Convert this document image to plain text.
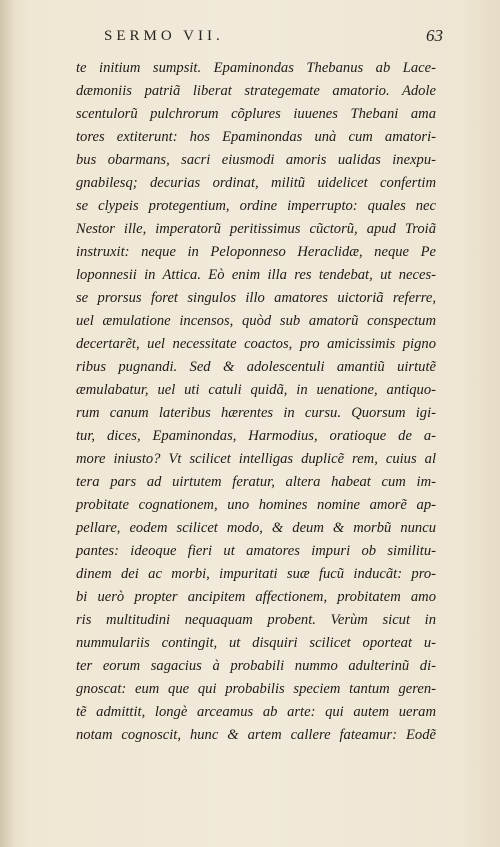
SERMO VII.	63
te initium sumpsit. Epaminondas Thebanus ab Lace-
dæmoniis patriã liberat strategemate amatorio. Adole
scentulorũ pulchrorum cõplures iuuenes Thebani ama
tores extiterunt: hos Epaminondas unà cum amatori-
bus obarmans, sacri eiusmodi amoris ualidas inexpu-
gnabilesq; decurias ordinat, militũ uidelicet confertim
se clypeis protegentium, ordine imperrupto: quales nec
Nestor ille, imperatorũ peritissimus cũctorũ, apud Troiã
instruxit: neque in Peloponneso Heraclidæ, neque Pe
loponnesii in Attica. Eò enim illa res tendebat, ut neces-
se prorsus foret singulos illo amatores uictoriã referre,
uel æmulatione incensos, quòd sub amatorũ conspectum
decertarẽt, uel necessitate coactos, pro amicissimis pigno
ribus pugnandi. Sed & adolescentuli amantiũ uirtutẽ
æmulabatur, uel uti catuli quidã, in uenatione, antiquo-
rum canum lateribus hærentes in cursu. Quorsum igi-
tur, dices, Epaminondas, Harmodius, oratioque de a-
more iniusto? Vt scilicet intelligas duplicẽ rem, cuius al
tera pars ad uirtutem feratur, altera habeat cum im-
probitate cognationem, uno homines nomine amorẽ ap-
pellare, eodem scilicet modo, & deum & morbũ nuncu
pantes: ideoque fieri ut amatores impuri ob similitu-
dinem dei ac morbi, impuritati suæ fucũ inducãt: pro-
bi uerò propter ancipitem affectionem, probitatem amo
ris multitudini nequaquam probent. Verùm sicut in
nummulariis contingit, ut disquiri scilicet oporteat u-
ter eorum sagacius à probabili nummo adulterinũ di-
gnoscat: eum que qui probabilis speciem tantum geren-
tẽ admittit, longè arceamus ab arte: qui autem ueram
notam cognoscit, hunc & artem callere fateamur: Eodẽ
